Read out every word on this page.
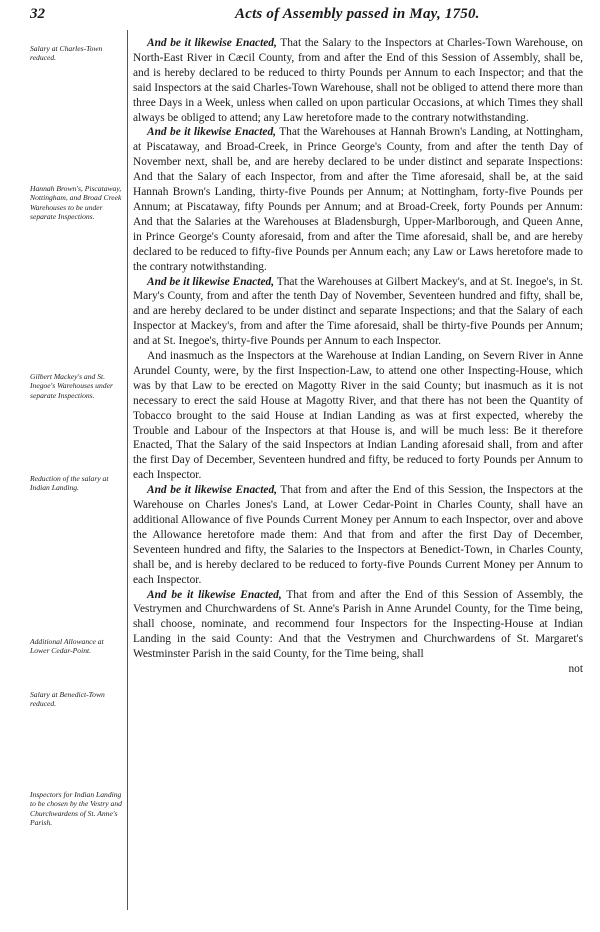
32	Acts of Assembly passed in May, 1750.
Salary at Charles-Town reduced.
Hannah Brown's, Piscataway, Nottingham, and Broad Creek Warehouses to be under separate Inspections.
Gilbert Mackey's and St. Inegoe's Warehouses under separate Inspections.
Reduction of the salary at Indian Landing.
Additional Allowance at Lower Cedar-Point.
Salary at Benedict-Town reduced.
Inspectors for Indian Landing to be chosen by the Vestry and Churchwardens of St. Anne's Parish.

And be it likewise Enacted, That the Salary to the Inspectors at Charles-Town Warehouse, on North-East River in Cæcil County, from and after the End of this Session of Assembly, shall be, and is hereby declared to be reduced to thirty Pounds per Annum to each Inspector; and that the said Inspectors at the said Charles-Town Warehouse, shall not be obliged to attend there more than three Days in a Week, unless when called on upon particular Occasions, at which Times they shall always be obliged to attend; any Law heretofore made to the contrary notwithstanding.

And be it likewise Enacted, That the Warehouses at Hannah Brown's Landing, at Nottingham, at Piscataway, and Broad-Creek, in Prince George's County, from and after the tenth Day of November next, shall be, and are hereby declared to be under distinct and separate Inspections: And that the Salary of each Inspector, from and after the Time aforesaid, shall be, at the said Hannah Brown's Landing, thirty-five Pounds per Annum; at Nottingham, forty-five Pounds per Annum; at Piscataway, fifty Pounds per Annum; and at Broad-Creek, forty Pounds per Annum: And that the Salaries at the Warehouses at Bladensburgh, Upper-Marlborough, and Queen Anne, in Prince George's County aforesaid, from and after the Time aforesaid, shall be, and are hereby declared to be reduced to fifty-five Pounds per Annum each; any Law or Laws heretofore made to the contrary notwithstanding.

And be it likewise Enacted, That the Warehouses at Gilbert Mackey's, and at St. Inegoe's, in St. Mary's County, from and after the tenth Day of November, Seventeen hundred and fifty, shall be, and are hereby declared to be under distinct and separate Inspections; and that the Salary of each Inspector at Mackey's, from and after the Time aforesaid, shall be thirty-five Pounds per Annum; and at St. Inegoe's, thirty-five Pounds per Annum to each Inspector.

And inasmuch as the Inspectors at the Warehouse at Indian Landing, on Severn River in Anne Arundel County, were, by the first Inspection-Law, to attend one other Inspecting-House, which was by that Law to be erected on Magotty River in the said County; but inasmuch as it is not necessary to erect the said House at Magotty River, and that there has not been the Quantity of Tobacco brought to the said House at Indian Landing as was at first expected, whereby the Trouble and Labour of the Inspectors at that House is, and will be much less: Be it therefore Enacted, That the Salary of the said Inspectors at Indian Landing aforesaid shall, from and after the first Day of December, Seventeen hundred and fifty, be reduced to forty Pounds per Annum to each Inspector.

And be it likewise Enacted, That from and after the End of this Session, the Inspectors at the Warehouse on Charles Jones's Land, at Lower Cedar-Point in Charles County, shall have an additional Allowance of five Pounds Current Money per Annum to each Inspector, over and above the Allowance heretofore made them: And that from and after the first Day of December, Seventeen hundred and fifty, the Salaries to the Inspectors at Benedict-Town, in Charles County, shall be, and is hereby declared to be reduced to forty-five Pounds Current Money per Annum to each Inspector.

And be it likewise Enacted, That from and after the End of this Session of Assembly, the Vestrymen and Churchwardens of St. Anne's Parish in Anne Arundel County, for the Time being, shall choose, nominate, and recommend four Inspectors for the Inspecting-House at Indian Landing in the said County: And that the Vestrymen and Churchwardens of St. Margaret's Westminster Parish in the said County, for the Time being, shall

not
